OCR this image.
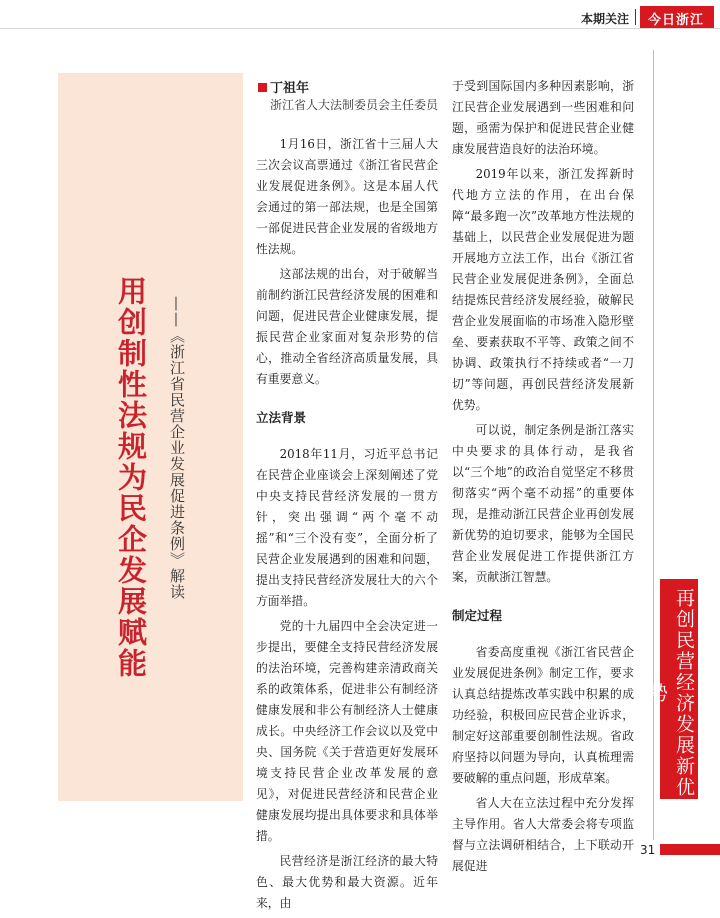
本期关注	今日浙江
用创制性法规为民企发展赋能 ——《浙江省民营企业发展促进条例》解读
丁祖年
浙江省人大法制委员会主任委员

1月16日，浙江省十三届人大三次会议高票通过《浙江省民营企业发展促进条例》。这是本届人代会通过的第一部法规，也是全国第一部促进民营企业发展的省级地方性法规。

这部法规的出台，对于破解当前制约浙江民营经济发展的困难和问题，促进民营企业健康发展，提振民营企业家面对复杂形势的信心，推动全省经济高质量发展，具有重要意义。

立法背景

2018年11月，习近平总书记在民营企业座谈会上深刻阐述了党中央支持民营经济发展的一贯方针，突出强调“两个毫不动摇”和“三个没有变”，全面分析了民营企业发展遇到的困难和问题，提出支持民营经济发展壮大的六个方面举措。

党的十九届四中全会决定进一步提出，要健全支持民营经济发展的法治环境，完善构建亲清政商关系的政策体系，促进非公有制经济健康发展和非公有制经济人士健康成长。中央经济工作会议以及党中央、国务院《关于营造更好发展环境支持民营企业改革发展的意见》，对促进民营经济和民营企业健康发展均提出具体要求和具体举措。

民营经济是浙江经济的最大特色、最大优势和最大资源。近年来，由

于受到国际国内多种因素影响，浙江民营企业发展遇到一些困难和问题，亟需为保护和促进民营企业健康发展营造良好的法治环境。

2019年以来，浙江发挥新时代地方立法的作用，在出台保障“最多跑一次”改革地方性法规的基础上，以民营企业发展促进为题开展地方立法工作，出台《浙江省民营企业发展促进条例》，全面总结提炼民营经济发展经验，破解民营企业发展面临的市场准入隐形壁垒、要素获取不平等、政策之间不协调、政策执行不持续或者“一刀切”等问题，再创民营经济发展新优势。

可以说，制定条例是浙江落实中央要求的具体行动，是我省以“三个地”的政治自觉坚定不移贯彻落实“两个毫不动摇”的重要体现，是推动浙江民营企业再创发展新优势的迫切要求，能够为全国民营企业发展促进工作提供浙江方案，贡献浙江智慧。

制定过程

省委高度重视《浙江省民营企业发展促进条例》制定工作，要求认真总结提炼改革实践中积累的成功经验，积极回应民营企业诉求，制定好这部重要创制性法规。省政府坚持以问题为导向，认真梳理需要破解的重点问题，形成草案。

省人大在立法过程中充分发挥主导作用。省人大常委会将专项监督与立法调研相结合，上下联动开展促进

再创民营经济发展新优势
31
